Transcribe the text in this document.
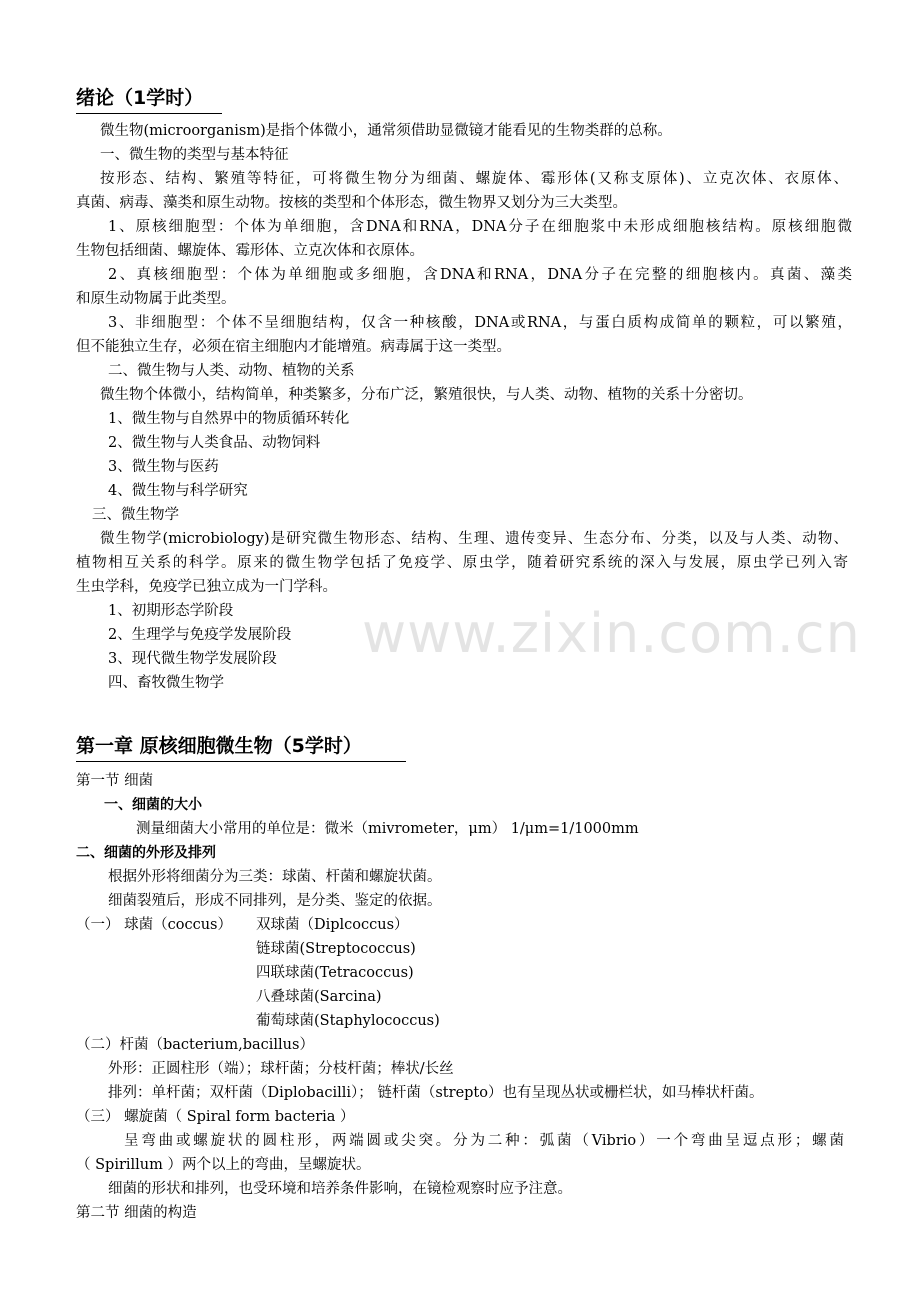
www.zixin.com.cn
绪论（1学时）
微生物(microorganism)是指个体微小，通常须借助显微镜才能看见的生物类群的总称。
一、微生物的类型与基本特征
按形态、结构、繁殖等特征，可将微生物分为细菌、螺旋体、霉形体(又称支原体)、立克次体、衣原体、
真菌、病毒、藻类和原生动物。按核的类型和个体形态，微生物界又划分为三大类型。
1、原核细胞型：个体为单细胞，含DNA和RNA，DNA分子在细胞浆中未形成细胞核结构。原核细胞微
生物包括细菌、螺旋体、霉形体、立克次体和衣原体。
2、真核细胞型：个体为单细胞或多细胞，含DNA和RNA，DNA分子在完整的细胞核内。真菌、藻类
和原生动物属于此类型。
3、非细胞型：个体不呈细胞结构，仅含一种核酸，DNA或RNA，与蛋白质构成简单的颗粒，可以繁殖，
但不能独立生存，必须在宿主细胞内才能增殖。病毒属于这一类型。
二、微生物与人类、动物、植物的关系
微生物个体微小，结构简单，种类繁多，分布广泛，繁殖很快，与人类、动物、植物的关系十分密切。
1、微生物与自然界中的物质循环转化
2、微生物与人类食品、动物饲料
3、微生物与医药
4、微生物与科学研究
三、微生物学
微生物学(microbiology)是研究微生物形态、结构、生理、遗传变异、生态分布、分类，以及与人类、动物、
植物相互关系的科学。原来的微生物学包括了免疫学、原虫学，随着研究系统的深入与发展，原虫学已列入寄
生虫学科，免疫学已独立成为一门学科。
1、初期形态学阶段
2、生理学与免疫学发展阶段
3、现代微生物学发展阶段
四、畜牧微生物学
第一章 原核细胞微生物（5学时）
第一节 细菌
一、细菌的大小
测量细菌大小常用的单位是：微米（mivrometer，μm） 1/μm=1/1000mm
二、细菌的外形及排列
根据外形将细菌分为三类：球菌、杆菌和螺旋状菌。
细菌裂殖后，形成不同排列，是分类、鉴定的依据。
（一） 球菌（coccus） 双球菌（Diplcoccus）
链球菌(Streptococcus)
四联球菌(Tetracoccus)
八叠球菌(Sarcina)
葡萄球菌(Staphylococcus)
（二）杆菌（bacterium,bacillus）
外形：正圆柱形（端）；球杆菌；分枝杆菌；棒状/长丝
排列：单杆菌；双杆菌（Diplobacilli）； 链杆菌（strepto）也有呈现丛状或栅栏状，如马棒状杆菌。
（三） 螺旋菌（ Spiral form bacteria ）
呈弯曲或螺旋状的圆柱形，两端圆或尖突。分为二种：弧菌（Vibrio）一个弯曲呈逗点形；螺菌
（ Spirillum ）两个以上的弯曲，呈螺旋状。
细菌的形状和排列，也受环境和培养条件影响，在镜检观察时应予注意。
第二节 细菌的构造
